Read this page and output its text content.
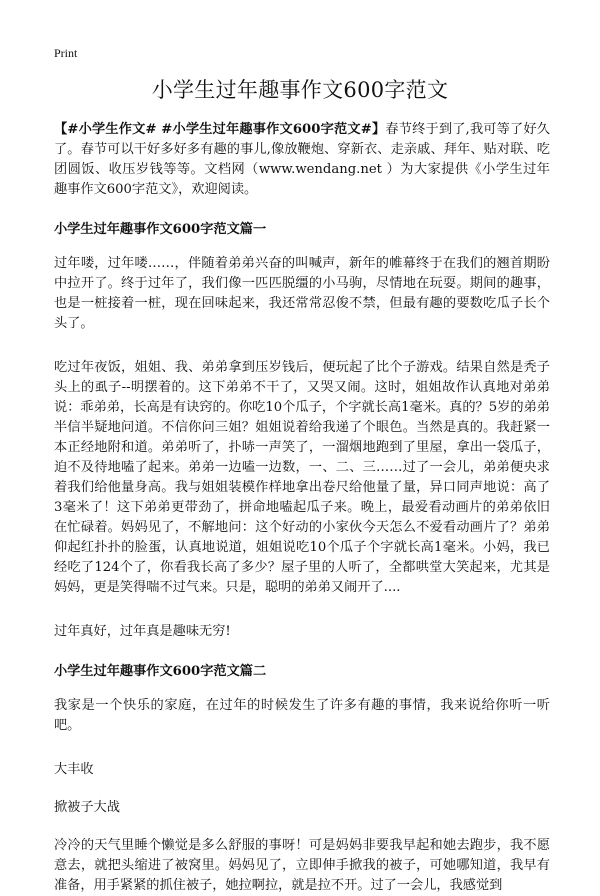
Print
小学生过年趣事作文600字范文

【#小学生作文# #小学生过年趣事作文600字范文#】春节终于到了,我可等了好久了。春节可以干好多好多有趣的事儿,像放鞭炮、穿新衣、走亲戚、拜年、贴对联、吃团圆饭、收压岁钱等等。文档网（www.wendang.net ）为大家提供《小学生过年趣事作文600字范文》，欢迎阅读。

小学生过年趣事作文600字范文篇一

过年喽，过年喽……，伴随着弟弟兴奋的叫喊声，新年的帷幕终于在我们的翘首期盼中拉开了。终于过年了，我们像一匹匹脱缰的小马驹，尽情地在玩耍。期间的趣事，也是一桩接着一桩，现在回味起来，我还常常忍俊不禁，但最有趣的要数吃瓜子长个头了。

吃过年夜饭，姐姐、我、弟弟拿到压岁钱后，便玩起了比个子游戏。结果自然是秃子头上的虱子--明摆着的。这下弟弟不干了，又哭又闹。这时，姐姐故作认真地对弟弟说：乖弟弟，长高是有诀窍的。你吃10个瓜子，个字就长高1毫米。真的？5岁的弟弟半信半疑地问道。不信你问三姐？姐姐说着给我递了个眼色。当然是真的。我赶紧一本正经地附和道。弟弟听了，扑哧一声笑了，一溜烟地跑到了里屋，拿出一袋瓜子，迫不及待地嗑了起来。弟弟一边嗑一边数，一、二、三……过了一会儿，弟弟便央求着我们给他量身高。我与姐姐装模作样地拿出卷尺给他量了量，异口同声地说：高了3毫米了！这下弟弟更带劲了，拼命地嗑起瓜子来。晚上，最爱看动画片的弟弟依旧在忙碌着。妈妈见了，不解地问：这个好动的小家伙今天怎么不爱看动画片了？弟弟仰起红扑扑的脸蛋，认真地说道，姐姐说吃10个瓜子个字就长高1毫米。小妈，我已经吃了124个了，你看我长高了多少？屋子里的人听了，全都哄堂大笑起来，尤其是妈妈，更是笑得喘不过气来。只是，聪明的弟弟又闹开了....

过年真好，过年真是趣味无穷!

小学生过年趣事作文600字范文篇二

我家是一个快乐的家庭，在过年的时候发生了许多有趣的事情，我来说给你听一听吧。

大丰收

掀被子大战

冷冷的天气里睡个懒觉是多么舒服的事呀！可是妈妈非要我早起和她去跑步，我不愿意去，就把头缩进了被窝里。妈妈见了，立即伸手掀我的被子，可她哪知道，我早有准备，用手紧紧的抓住被子，她拉啊拉，就是拉不开。过了一会儿，我感觉到
